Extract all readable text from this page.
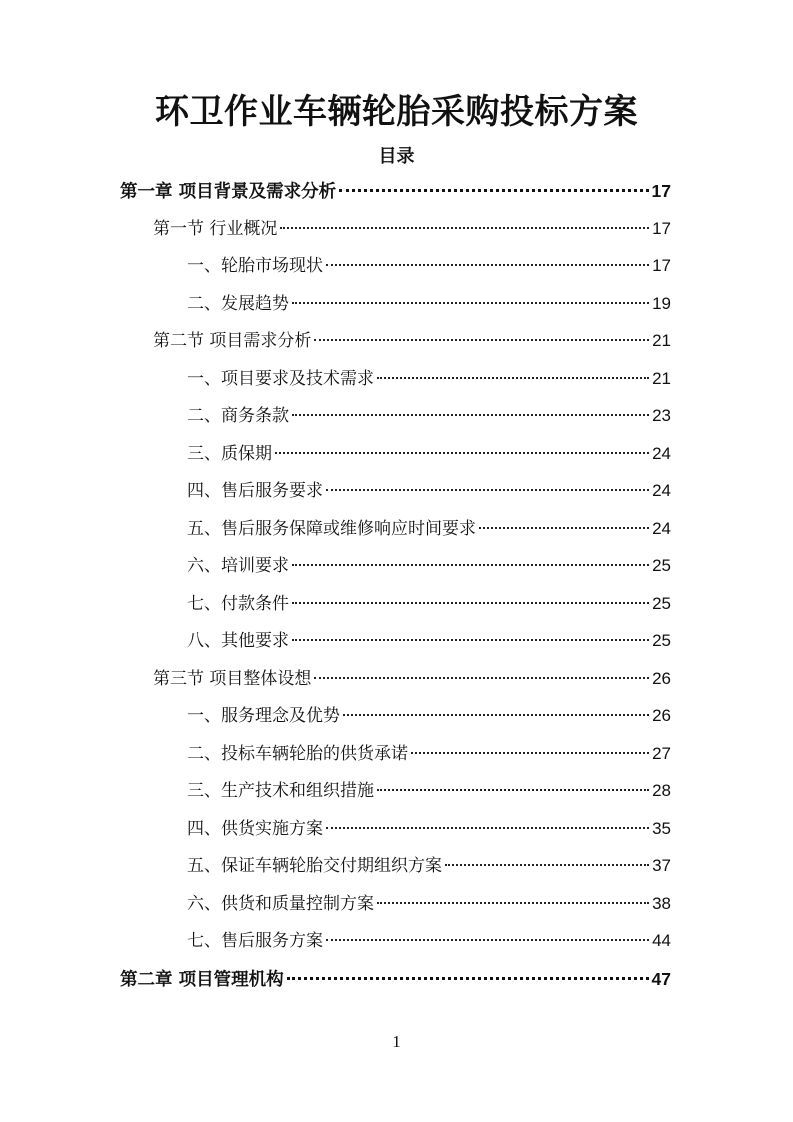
环卫作业车辆轮胎采购投标方案
目录
第一章 项目背景及需求分析	17
第一节 行业概况	17
一、轮胎市场现状	17
二、发展趋势	19
第二节 项目需求分析	21
一、项目要求及技术需求	21
二、商务条款	23
三、质保期	24
四、售后服务要求	24
五、售后服务保障或维修响应时间要求	24
六、培训要求	25
七、付款条件	25
八、其他要求	25
第三节 项目整体设想	26
一、服务理念及优势	26
二、投标车辆轮胎的供货承诺	27
三、生产技术和组织措施	28
四、供货实施方案	35
五、保证车辆轮胎交付期组织方案	37
六、供货和质量控制方案	38
七、售后服务方案	44
第二章 项目管理机构	47
1
